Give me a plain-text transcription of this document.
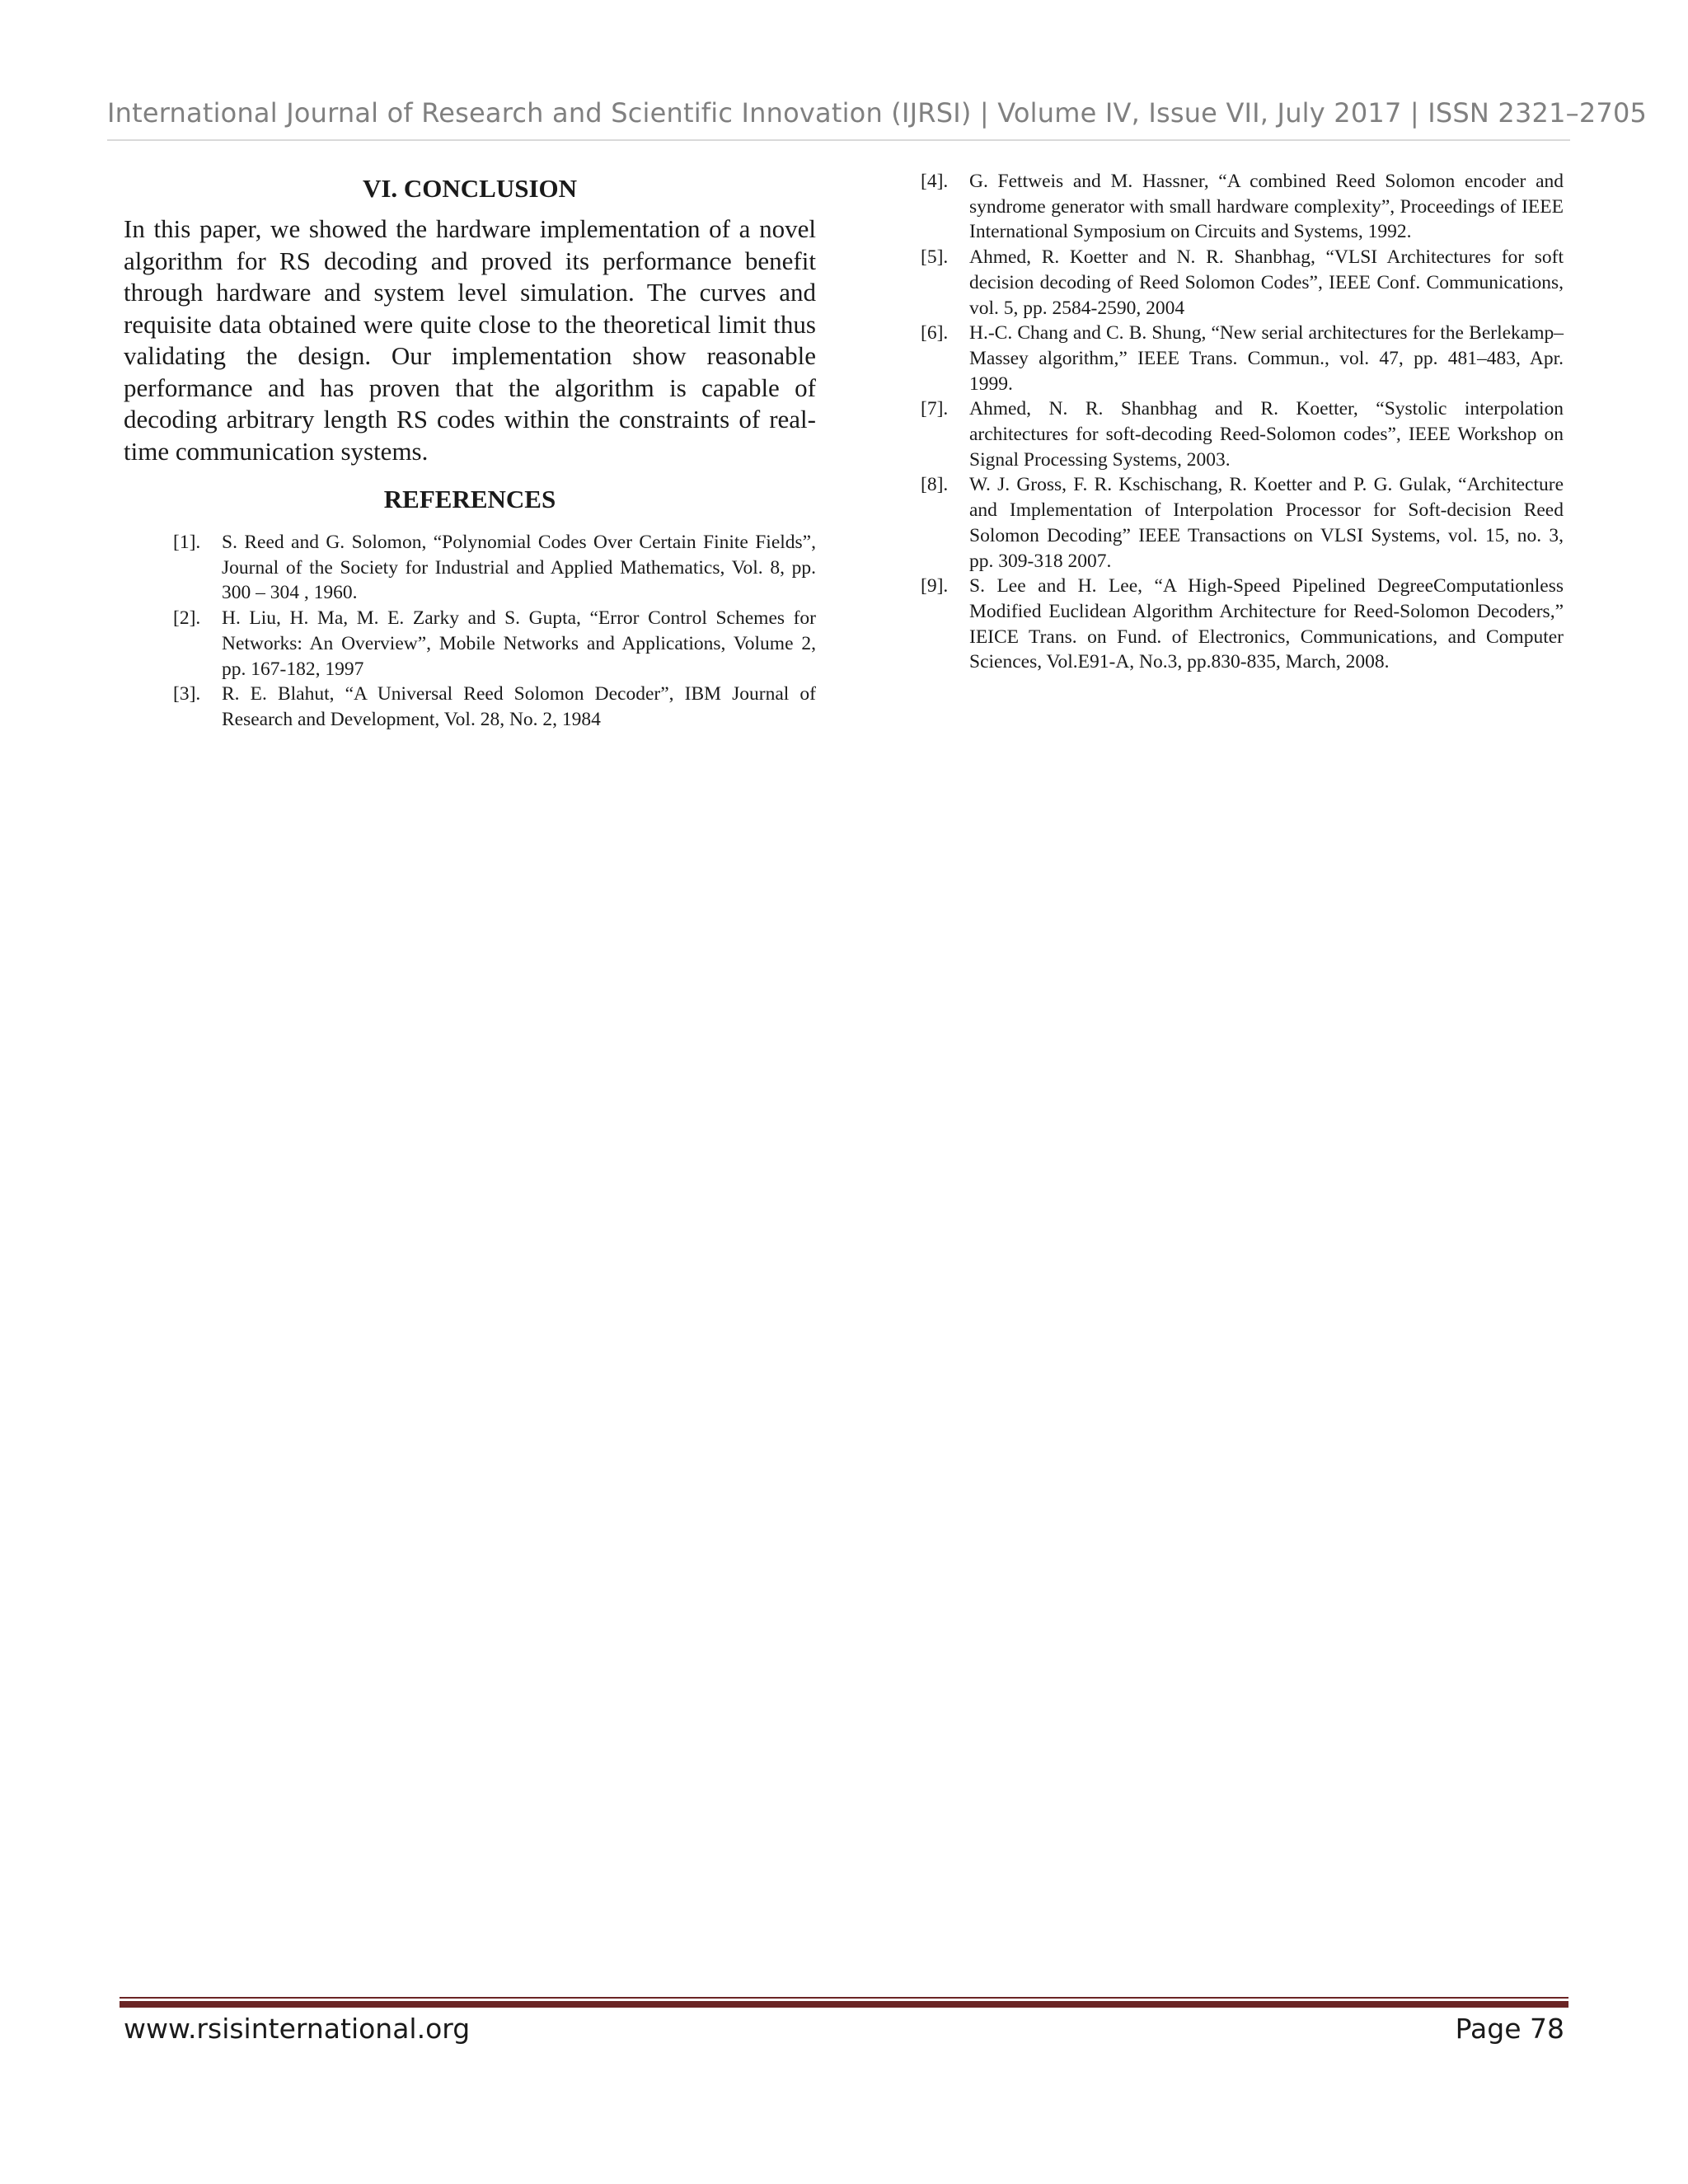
International Journal of Research and Scientific Innovation (IJRSI) | Volume IV, Issue VII, July 2017 | ISSN 2321–2705
VI. CONCLUSION

In this paper, we showed the hardware implementation of a novel algorithm for RS decoding and proved its performance benefit through hardware and system level simulation. The curves and requisite data obtained were quite close to the theoretical limit thus validating the design. Our implementation show reasonable performance and has proven that the algorithm is capable of decoding arbitrary length RS codes within the constraints of real-time communication systems.

REFERENCES
[1].	S. Reed and G. Solomon, “Polynomial Codes Over Certain Finite Fields”, Journal of the Society for Industrial and Applied Mathematics, Vol. 8, pp. 300 – 304 , 1960.
[2].	H. Liu, H. Ma, M. E. Zarky and S. Gupta, “Error Control Schemes for Networks: An Overview”, Mobile Networks and Applications, Volume 2, pp. 167-182, 1997
[3].	R. E. Blahut, “A Universal Reed Solomon Decoder”, IBM Journal of Research and Development, Vol. 28, No. 2, 1984
[4].	G. Fettweis and M. Hassner, “A combined Reed Solomon encoder and syndrome generator with small hardware complexity”, Proceedings of IEEE International Symposium on Circuits and Systems, 1992.
[5].	Ahmed, R. Koetter and N. R. Shanbhag, “VLSI Architectures for soft decision decoding of Reed Solomon Codes”, IEEE Conf. Communications, vol. 5, pp. 2584-2590, 2004
[6].	H.-C. Chang and C. B. Shung, “New serial architectures for the Berlekamp–Massey algorithm,” IEEE Trans. Commun., vol. 47, pp. 481–483, Apr. 1999.
[7].	Ahmed, N. R. Shanbhag and R. Koetter, “Systolic interpolation architectures for soft-decoding Reed-Solomon codes”, IEEE Workshop on Signal Processing Systems, 2003.
[8].	W. J. Gross, F. R. Kschischang, R. Koetter and P. G. Gulak, “Architecture and Implementation of Interpolation Processor for Soft-decision Reed Solomon Decoding” IEEE Transactions on VLSI Systems, vol. 15, no. 3, pp. 309-318 2007.
[9].	S. Lee and H. Lee, “A High-Speed Pipelined DegreeComputationless Modified Euclidean Algorithm Architecture for Reed-Solomon Decoders,” IEICE Trans. on Fund. of Electronics, Communications, and Computer Sciences, Vol.E91-A, No.3, pp.830-835, March, 2008.
www.rsisinternational.org	Page 78
